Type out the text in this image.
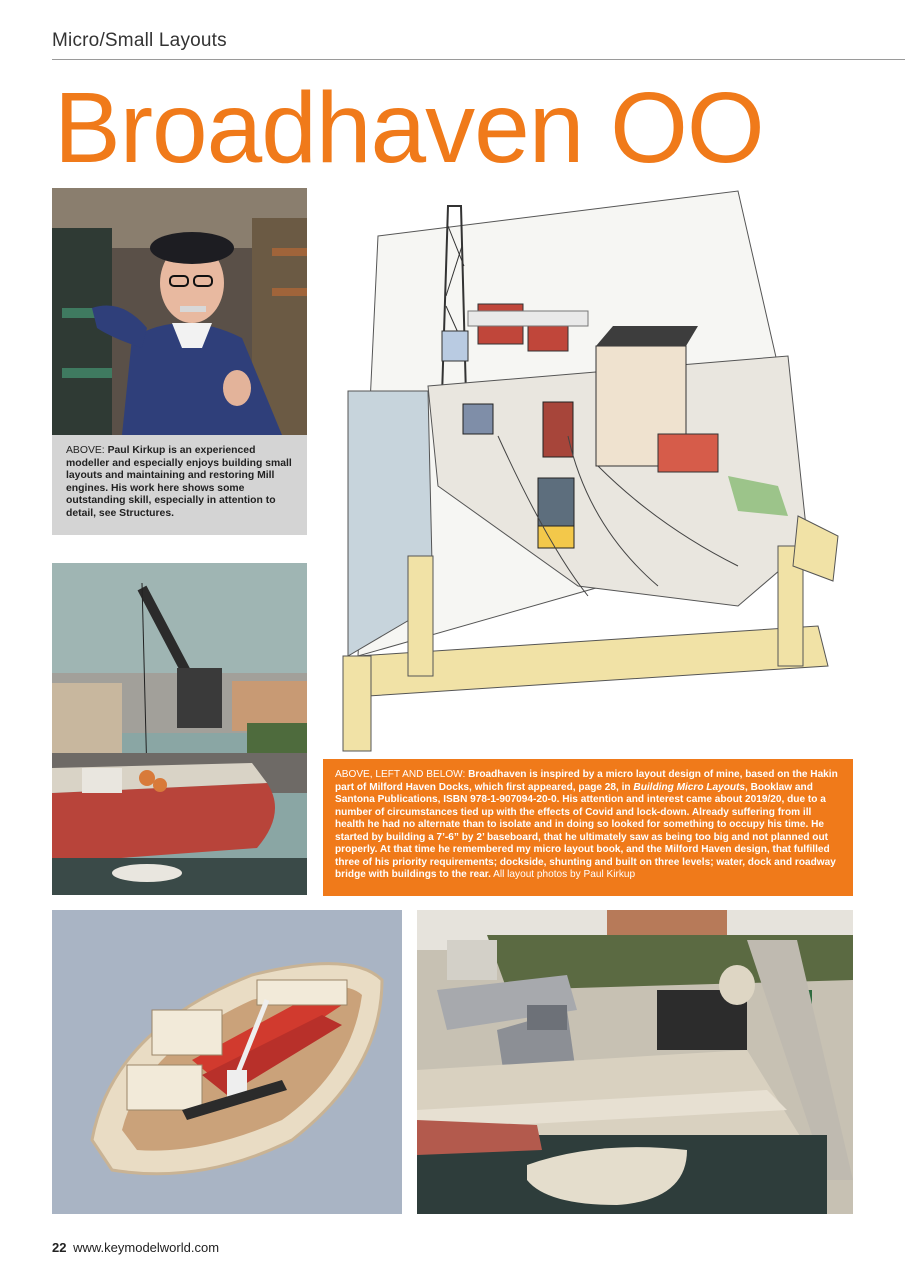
Micro/Small Layouts
Broadhaven OO
ABOVE: Paul Kirkup is an experienced modeller and especially enjoys building small layouts and maintaining and restoring Mill engines. His work here shows some outstanding skill, especially in attention to detail, see Structures.
ABOVE, LEFT AND BELOW: Broadhaven is inspired by a micro layout design of mine, based on the Hakin part of Milford Haven Docks, which first appeared, page 28, in Building Micro Layouts, Booklaw and Santona Publications, ISBN 978-1-907094-20-0. His attention and interest came about 2019/20, due to a number of circumstances tied up with the effects of Covid and lock-down. Already suffering from ill health he had no alternate than to isolate and in doing so looked for something to occupy his time. He started by building a 7’-6” by 2’ baseboard, that he ultimately saw as being too big and not planned out properly. At that time he remembered my micro layout book, and the Milford Haven design, that fulfilled three of his priority requirements; dockside, shunting and built on three levels; water, dock and roadway bridge with buildings to the rear. All layout photos by Paul Kirkup
22 www.keymodelworld.com
